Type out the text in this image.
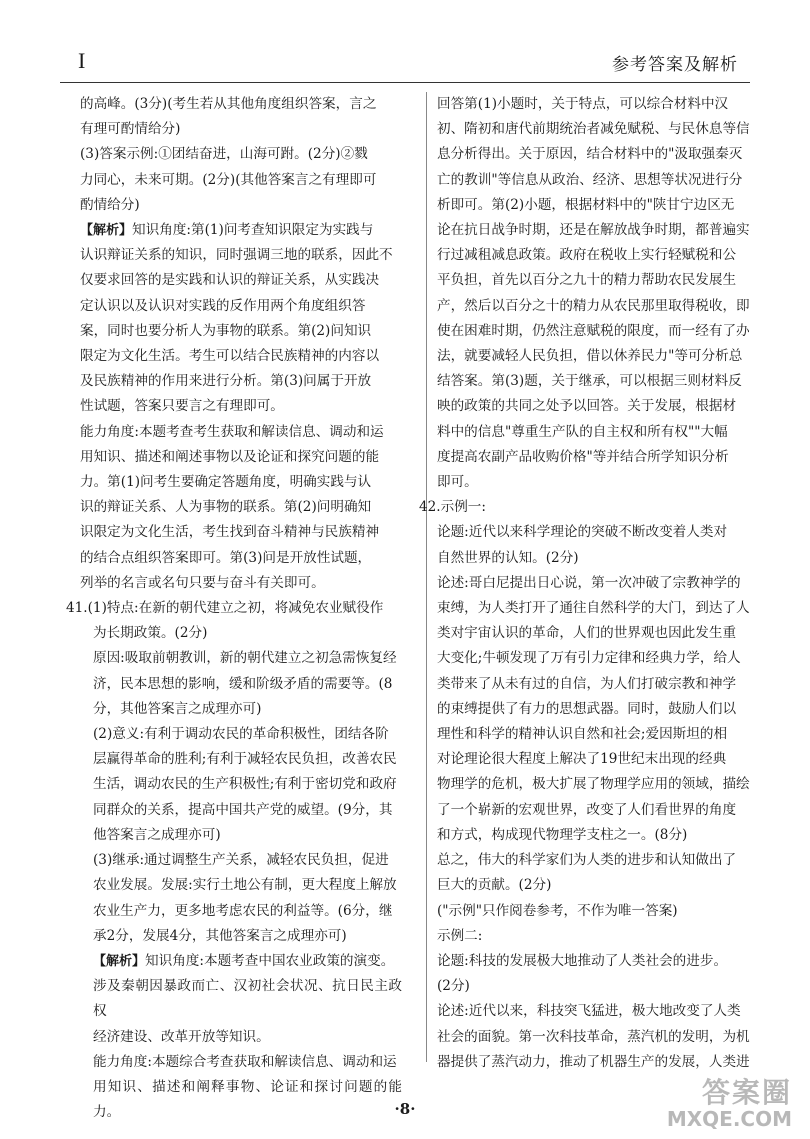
I	参考答案及解析

的高峰。(3分)(考生若从其他角度组织答案，言之

有理可酌情给分)

(3)答案示例:①团结奋进，山海可跗。(2分)②戮

力同心，未来可期。(2分)(其他答案言之有理即可

酌情给分)

【解析】知识角度:第(1)问考查知识限定为实践与

认识辩证关系的知识，同时强调三地的联系，因此不

仅要求回答的是实践和认识的辩证关系，从实践决

定认识以及认识对实践的反作用两个角度组织答

案，同时也要分析人为事物的联系。第(2)问知识

限定为文化生活。考生可以结合民族精神的内容以

及民族精神的作用来进行分析。第(3)问属于开放

性试题，答案只要言之有理即可。

能力角度:本题考查考生获取和解读信息、调动和运

用知识、描述和阐述事物以及论证和探究问题的能

力。第(1)问考生要确定答题角度，明确实践与认

识的辩证关系、人为事物的联系。第(2)问明确知

识限定为文化生活，考生找到奋斗精神与民族精神

的结合点组织答案即可。第(3)问是开放性试题，

列举的名言或名句只要与奋斗有关即可。

41.(1)特点:在新的朝代建立之初，将减免农业赋役作

为长期政策。(2分)

原因:吸取前朝教训，新的朝代建立之初急需恢复经

济，民本思想的影响，缓和阶级矛盾的需要等。(8

分，其他答案言之成理亦可)

(2)意义:有利于调动农民的革命积极性，团结各阶

层赢得革命的胜利;有利于减轻农民负担，改善农民

生活，调动农民的生产积极性;有利于密切党和政府

同群众的关系，提高中国共产党的威望。(9分，其

他答案言之成理亦可)

(3)继承:通过调整生产关系，减轻农民负担，促进

农业发展。发展:实行土地公有制，更大程度上解放

农业生产力，更多地考虑农民的利益等。(6分，继

承2分，发展4分，其他答案言之成理亦可)

【解析】知识角度:本题考查中国农业政策的演变。

涉及秦朝因暴政而亡、汉初社会状况、抗日民主政权

经济建设、改革开放等知识。

能力角度:本题综合考查获取和解读信息、调动和运

用知识、描述和阐释事物、论证和探讨问题的能力。

回答第(1)小题时，关于特点，可以综合材料中汉

初、隋初和唐代前期统治者减免赋税、与民休息等信

息分析得出。关于原因，结合材料中的"汲取强秦灭

亡的教训"等信息从政治、经济、思想等状况进行分

析即可。第(2)小题，根据材料中的"陕甘宁边区无

论在抗日战争时期，还是在解放战争时期，都普遍实

行过减租减息政策。政府在税收上实行轻赋税和公

平负担，首先以百分之九十的精力帮助农民发展生

产，然后以百分之十的精力从农民那里取得税收，即

使在困难时期，仍然注意赋税的限度，而一经有了办

法，就要减轻人民负担，借以休养民力"等可分析总

结答案。第(3)题，关于继承，可以根据三则材料反

映的政策的共同之处予以回答。关于发展，根据材

料中的信息"尊重生产队的自主权和所有权""大幅

度提高农副产品收购价格"等并结合所学知识分析

即可。

42.示例一:

论题:近代以来科学理论的突破不断改变着人类对

自然世界的认知。(2分)

论述:哥白尼提出日心说，第一次冲破了宗教神学的

束缚，为人类打开了通往自然科学的大门，到达了人

类对宇宙认识的革命，人们的世界观也因此发生重

大变化;牛顿发现了万有引力定律和经典力学，给人

类带来了从未有过的自信，为人们打破宗教和神学

的束缚提供了有力的思想武器。同时，鼓励人们以

理性和科学的精神认识自然和社会;爱因斯坦的相

对论理论很大程度上解决了19世纪末出现的经典

物理学的危机，极大扩展了物理学应用的领域，描绘

了一个崭新的宏观世界，改变了人们看世界的角度

和方式，构成现代物理学支柱之一。(8分)

总之，伟大的科学家们为人类的进步和认知做出了

巨大的贡献。(2分)

("示例"只作阅卷参考，不作为唯一答案)

示例二:

论题:科技的发展极大地推动了人类社会的进步。

(2分)

论述:近代以来，科技突飞猛进，极大地改变了人类

社会的面貌。第一次科技革命，蒸汽机的发明，为机

器提供了蒸汽动力，推动了机器生产的发展，人类进

·8·	答案圈
MXQE.COM
